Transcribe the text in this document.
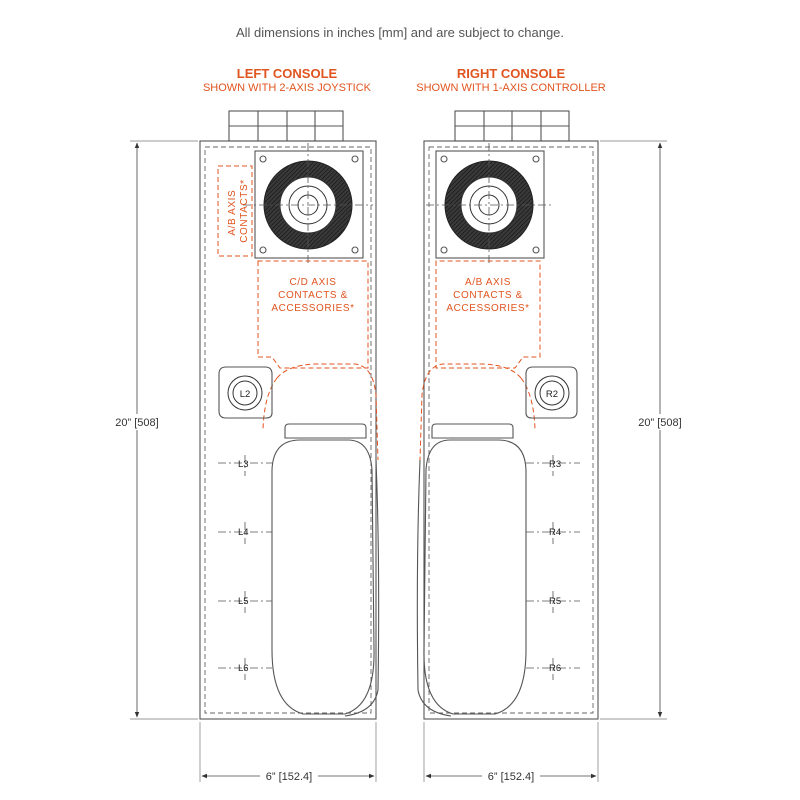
All dimensions in inches [mm] and are subject to change.
LEFT CONSOLE
SHOWN WITH 2-AXIS JOYSTICK
A/B AXIS CONTACTS*
C/D AXIS
CONTACTS &
ACCESSORIES*
L2
L3
L4
L5
L6
20” [508]
6” [152.4]
RIGHT CONSOLE
SHOWN WITH 1-AXIS CONTROLLER
A/B AXIS
CONTACTS &
ACCESSORIES*
R2
R3
R4
R5
R6
20” [508]
6” [152.4]
